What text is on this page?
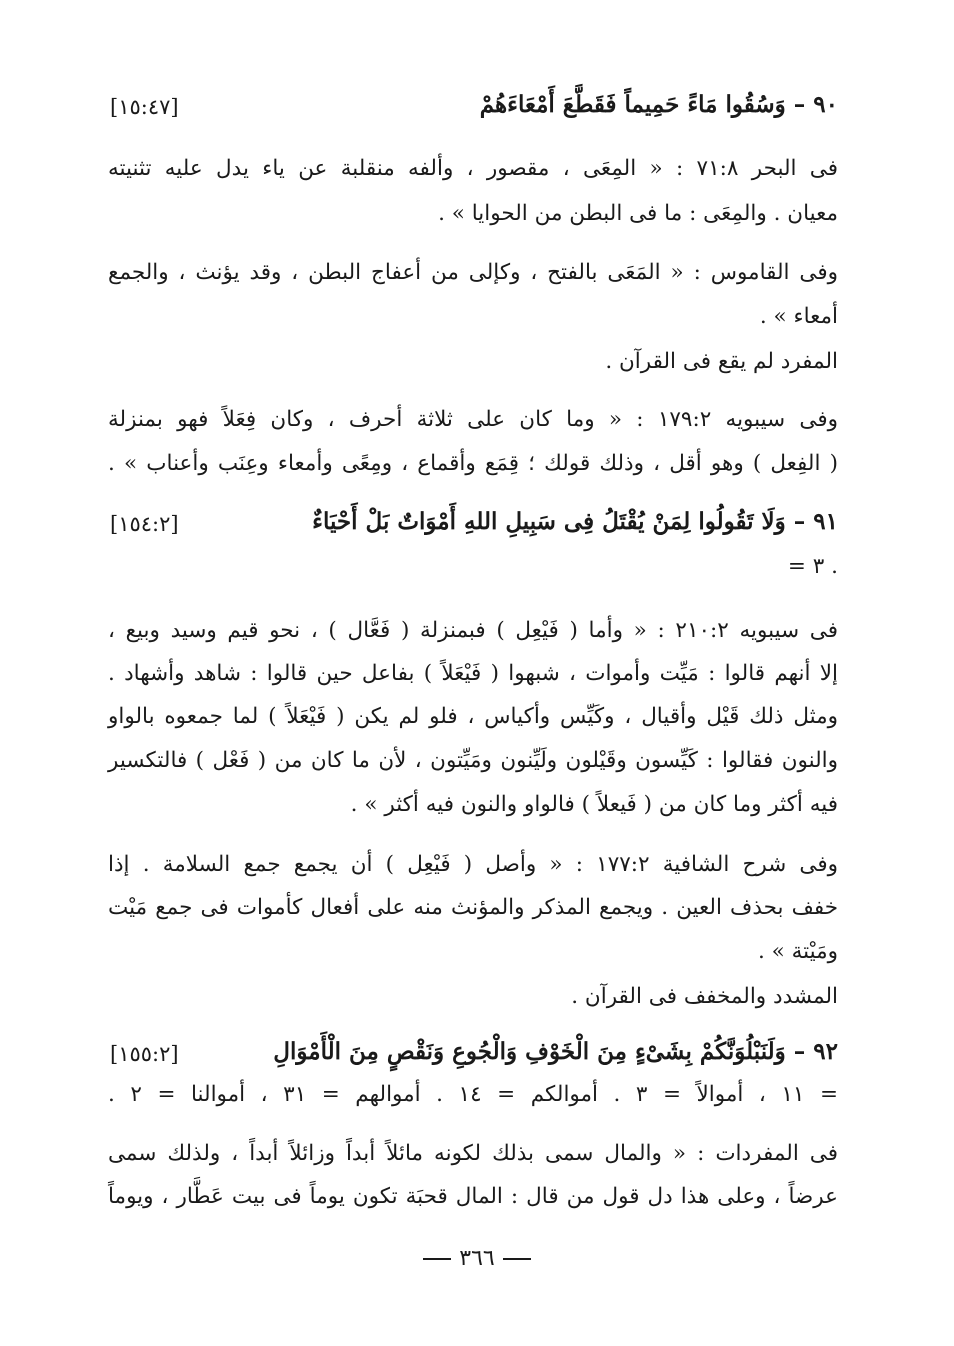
٩٠ – وَسُقُوا مَاءً حَمِيماً فَقَطَّعَ أَمْعَاءَهُمْ
[١٥:٤٧]
فى البحر ٧١:٨ : « المِعَى ، مقصور ، وألفه منقلبة عن ياء يدل عليه تثنيته
معيان . والمِعَى : ما فى البطن من الحوايا » .
وفى القاموس : « المَعَى بالفتح ، وكإلى من أعفاج البطن ، وقد يؤنث ، والجمع
أمعاء » .
المفرد لم يقع فى القرآن .
وفى سيبويه ١٧٩:٢ : « وما كان على ثلاثة أحرف ، وكان فِعَلاً فهو بمنزلة
( الفِعل ) وهو أقل ، وذلك قولك ؛ قِمَع وأقماع ، ومِعًى وأمعاء وعِنَب وأعناب » .
٩١ – وَلَا تَقُولُوا لِمَنْ يُقْتَلُ فِى سَبِيلِ اللهِ أَمْوَاتٌ بَلْ أَحْيَاءٌ
[١٥٤:٢]
. ٣ =
فى سيبويه ٢١٠:٢ : « وأما ( فَيْعِل ) فبمنزلة ( فَعَّال ) ، نحو قيم وسيد وبيع ،
إلا أنهم قالوا : مَيِّت وأموات ، شبهوا ( فَيْعَلاً ) بفاعل حين قالوا : شاهد وأشهاد .
ومثل ذلك قَيْل وأقيال ، وكَيِّس وأكياس ، فلو لم يكن ( فَيْعَلاً ) لما جمعوه بالواو
والنون فقالوا : كَيِّسون وقَيْلون ولَيِّنون ومَيِّتون ، لأن ما كان من ( فَعْل ) فالتكسير
فيه أكثر وما كان من ( فَيعلاً ) فالواو والنون فيه أكثر » .
وفى شرح الشافية ١٧٧:٢ : « وأصل ( فَيْعِل ) أن يجمع جمع السلامة . إذا
خفف بحذف العين . ويجمع المذكر والمؤنث منه على أفعال كأموات فى جمع مَيْت
ومَيْتة » .
المشدد والمخفف فى القرآن .
٩٢ – وَلَنَبْلُوَنَّكُمْ بِشَىْءٍ مِنَ الْخَوْفِ وَالْجُوعِ وَنَقْصٍ مِنَ الْأَمْوَالِ
[١٥٥:٢]
= ١١ ، أموالاً = ٣ . أموالكم = ١٤ . أموالهم = ٣١ ، أموالنا = ٢ .
فى المفردات : « والمال سمى بذلك لكونه مائلاً أبداً وزائلاً أبداً ، ولذلك سمى
عرضاً ، وعلى هذا دل قول من قال : المال قحبَة تكون يوماً فى بيت عَطَّار ، ويوماً
٣٦٦
